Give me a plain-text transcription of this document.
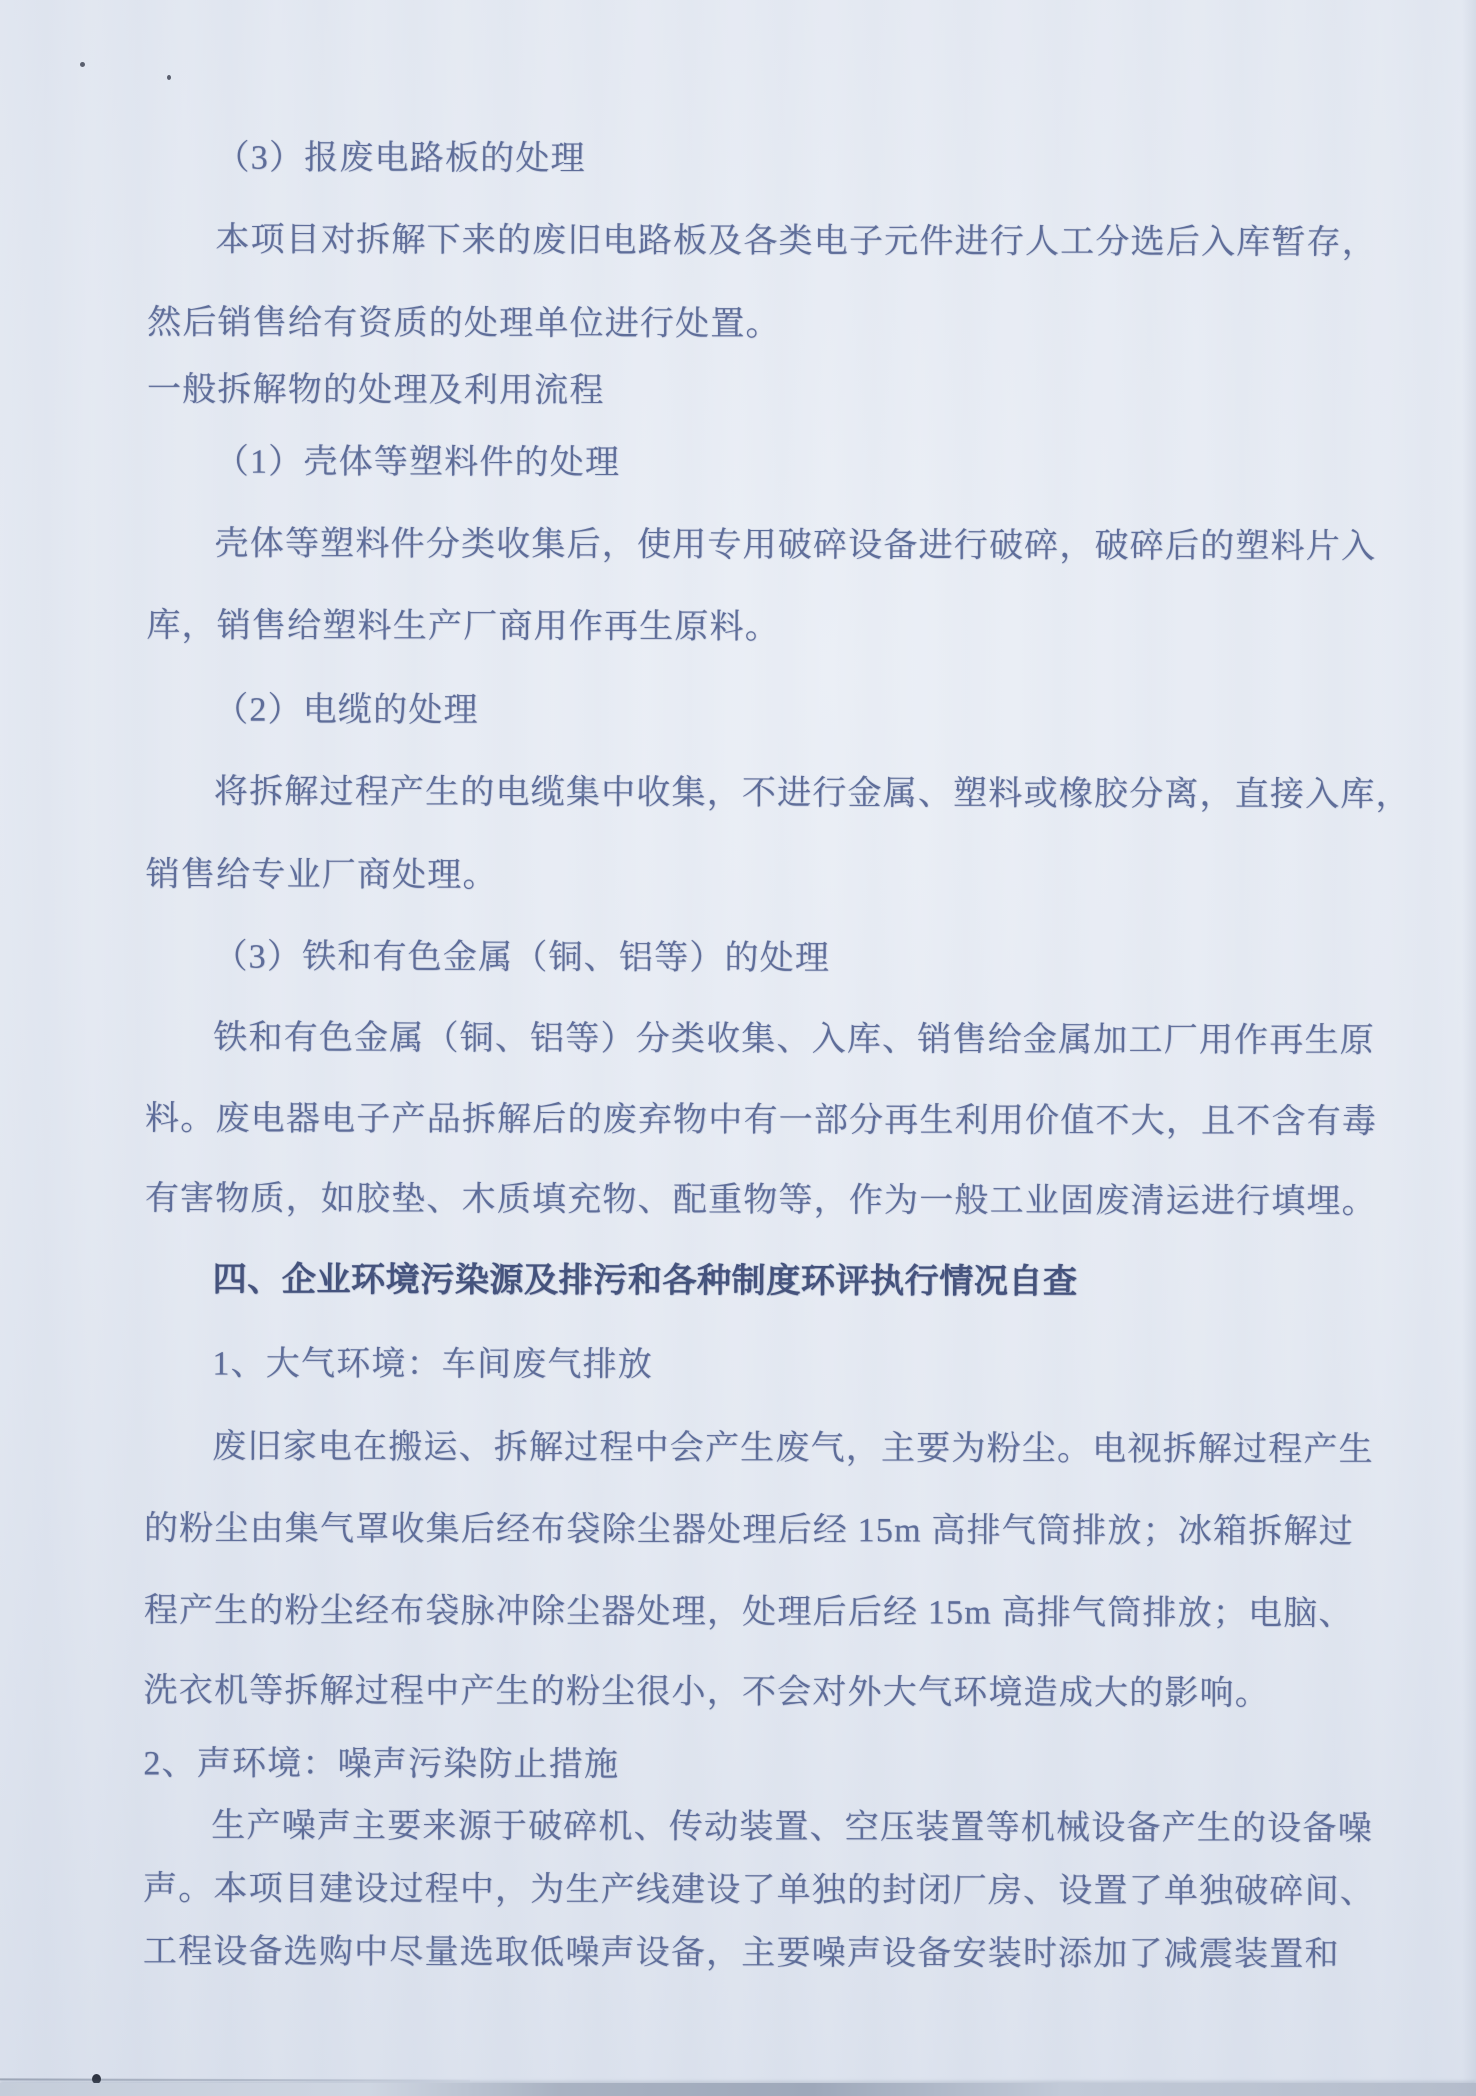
（3）报废电路板的处理
本项目对拆解下来的废旧电路板及各类电子元件进行人工分选后入库暂存，
然后销售给有资质的处理单位进行处置。
一般拆解物的处理及利用流程
（1）壳体等塑料件的处理
壳体等塑料件分类收集后，使用专用破碎设备进行破碎，破碎后的塑料片入
库，销售给塑料生产厂商用作再生原料。
（2）电缆的处理
将拆解过程产生的电缆集中收集，不进行金属、塑料或橡胶分离，直接入库，
销售给专业厂商处理。
（3）铁和有色金属（铜、铝等）的处理
铁和有色金属（铜、铝等）分类收集、入库、销售给金属加工厂用作再生原
料。废电器电子产品拆解后的废弃物中有一部分再生利用价值不大，且不含有毒
有害物质，如胶垫、木质填充物、配重物等，作为一般工业固废清运进行填埋。
四、企业环境污染源及排污和各种制度环评执行情况自查
1、大气环境：车间废气排放
废旧家电在搬运、拆解过程中会产生废气，主要为粉尘。电视拆解过程产生
的粉尘由集气罩收集后经布袋除尘器处理后经 15m 高排气筒排放；冰箱拆解过
程产生的粉尘经布袋脉冲除尘器处理，处理后后经 15m 高排气筒排放；电脑、
洗衣机等拆解过程中产生的粉尘很小，不会对外大气环境造成大的影响。
2、声环境：噪声污染防止措施
生产噪声主要来源于破碎机、传动装置、空压装置等机械设备产生的设备噪
声。本项目建设过程中，为生产线建设了单独的封闭厂房、设置了单独破碎间、
工程设备选购中尽量选取低噪声设备，主要噪声设备安装时添加了减震装置和
